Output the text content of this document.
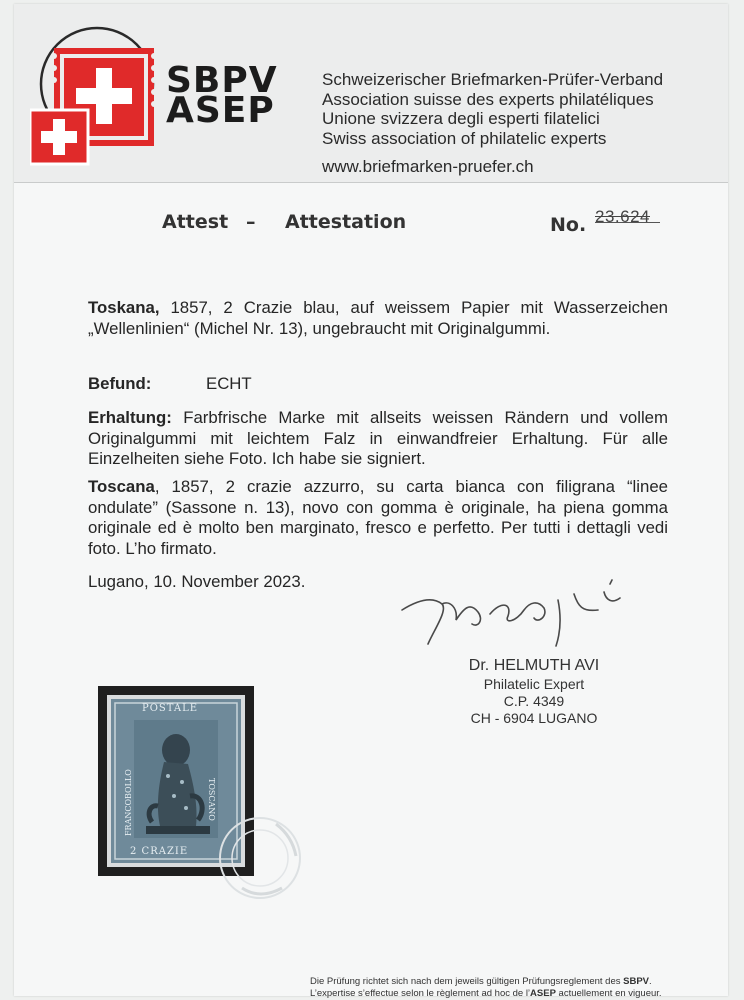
SBPV
ASEP
Schweizerischer Briefmarken-Prüfer-Verband
Association suisse des experts philatéliques
Unione svizzera degli esperti filatelici
Swiss association of philatelic experts
www.briefmarken-pruefer.ch
Attest – Attestation	No. 23.624
Toskana, 1857, 2 Crazie blau, auf weissem Papier mit Wasserzeichen „Wellenlinien“ (Michel Nr. 13), ungebraucht mit Originalgummi.
Befund:	ECHT
Erhaltung: Farbfrische Marke mit allseits weissen Rändern und vollem Originalgummi mit leichtem Falz in einwandfreier Erhaltung. Für alle Einzelheiten siehe Foto. Ich habe sie signiert.
Toscana, 1857, 2 crazie azzurro, su carta bianca con filigrana “linee ondulate” (Sassone n. 13), novo con gomma è originale, ha piena gomma originale ed è molto ben marginato, fresco e perfetto. Per tutti i dettagli vedi foto. L’ho firmato.
Lugano, 10. November 2023.
Dr. HELMUTH AVI
Philatelic Expert
C.P. 4349
CH - 6904 LUGANO
POSTALE
2 CRAZIE
TOSCANO
FRANCOBOLLO
Die Prüfung richtet sich nach dem jeweils gültigen Prüfungsreglement des SBPV.
L’expertise s’effectue selon le règlement ad hoc de l’ASEP actuellement en vigueur.
